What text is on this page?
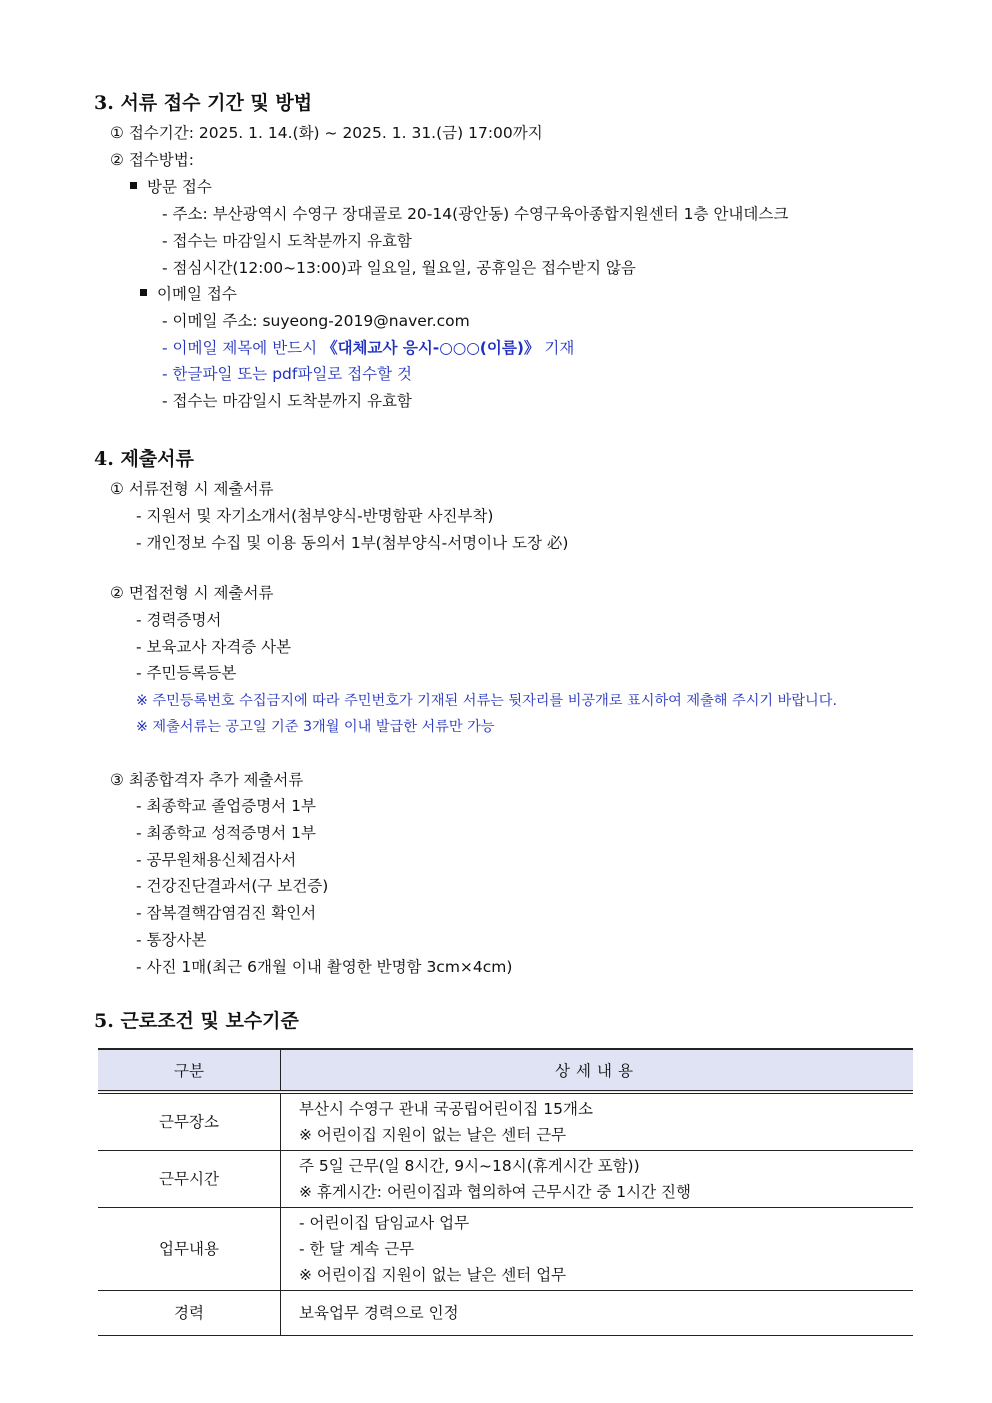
3. 서류 접수 기간 및 방법
① 접수기간: 2025. 1. 14.(화) ~ 2025. 1. 31.(금) 17:00까지
② 접수방법:
방문 접수
- 주소: 부산광역시 수영구 장대골로 20-14(광안동) 수영구육아종합지원센터 1층 안내데스크
- 접수는 마감일시 도착분까지 유효함
- 점심시간(12:00~13:00)과 일요일, 월요일, 공휴일은 접수받지 않음
이메일 접수
- 이메일 주소: suyeong-2019@naver.com
- 이메일 제목에 반드시 《대체교사 응시-○○○(이름)》 기재
- 한글파일 또는 pdf파일로 접수할 것
- 접수는 마감일시 도착분까지 유효함
4. 제출서류
① 서류전형 시 제출서류
- 지원서 및 자기소개서(첨부양식-반명함판 사진부착)
- 개인정보 수집 및 이용 동의서 1부(첨부양식-서명이나 도장 必)
② 면접전형 시 제출서류
- 경력증명서
- 보육교사 자격증 사본
- 주민등록등본
※ 주민등록번호 수집금지에 따라 주민번호가 기재된 서류는 뒷자리를 비공개로 표시하여 제출해 주시기 바랍니다.
※ 제출서류는 공고일 기준 3개월 이내 발급한 서류만 가능
③ 최종합격자 추가 제출서류
- 최종학교 졸업증명서 1부
- 최종학교 성적증명서 1부
- 공무원채용신체검사서
- 건강진단결과서(구 보건증)
- 잠복결핵감염검진 확인서
- 통장사본
- 사진 1매(최근 6개월 이내 촬영한 반명함 3cm×4cm)
5. 근로조건 및 보수기준
구분	상세내용
근무장소	부산시 수영구 관내 국공립어린이집 15개소
※ 어린이집 지원이 없는 날은 센터 근무

근무시간	주 5일 근무(일 8시간, 9시~18시(휴게시간 포함))
※ 휴게시간: 어린이집과 협의하여 근무시간 중 1시간 진행

업무내용	- 어린이집 담임교사 업무
- 한 달 계속 근무
※ 어린이집 지원이 없는 날은 센터 업무

경력	보육업무 경력으로 인정
